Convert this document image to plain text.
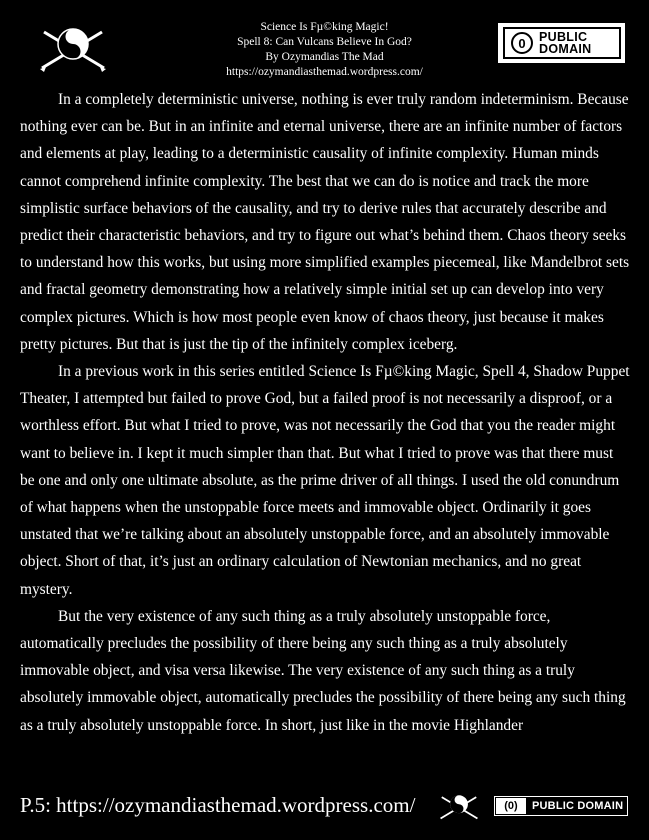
Science Is Fµ©king Magic!
Spell 8: Can Vulcans Believe In God?
By Ozymandias The Mad
https://ozymandiasthemad.wordpress.com/
0	PUBLIC
DOMAIN

In a completely deterministic universe, nothing is ever truly random indeterminism. Because nothing ever can be. But in an infinite and eternal universe, there are an infinite number of factors and elements at play, leading to a deterministic causality of infinite complexity. Human minds cannot comprehend infinite complexity. The best that we can do is notice and track the more simplistic surface behaviors of the causality, and try to derive rules that accurately describe and predict their characteristic behaviors, and try to figure out what’s behind them. Chaos theory seeks to understand how this works, but using more simplified examples piecemeal, like Mandelbrot sets and fractal geometry demonstrating how a relatively simple initial set up can develop into very complex pictures. Which is how most people even know of chaos theory, just because it makes pretty pictures. But that is just the tip of the infinitely complex iceberg.

In a previous work in this series entitled Science Is Fµ©king Magic, Spell 4, Shadow Puppet Theater, I attempted but failed to prove God, but a failed proof is not necessarily a disproof, or a worthless effort. But what I tried to prove, was not necessarily the God that you the reader might want to believe in. I kept it much simpler than that. But what I tried to prove was that there must be one and only one ultimate absolute, as the prime driver of all things. I used the old conundrum of what happens when the unstoppable force meets and immovable object. Ordinarily it goes unstated that we’re talking about an absolutely unstoppable force, and an absolutely immovable object. Short of that, it’s just an ordinary calculation of Newtonian mechanics, and no great mystery.

But the very existence of any such thing as a truly absolutely unstoppable force, automatically precludes the possibility of there being any such thing as a truly absolutely immovable object, and visa versa likewise. The very existence of any such thing as a truly absolutely immovable object, automatically precludes the possibility of there being any such thing as a truly absolutely unstoppable force. In short, just like in the movie Highlander

P.5: https://ozymandiasthemad.wordpress.com/	(0)	PUBLIC DOMAIN
